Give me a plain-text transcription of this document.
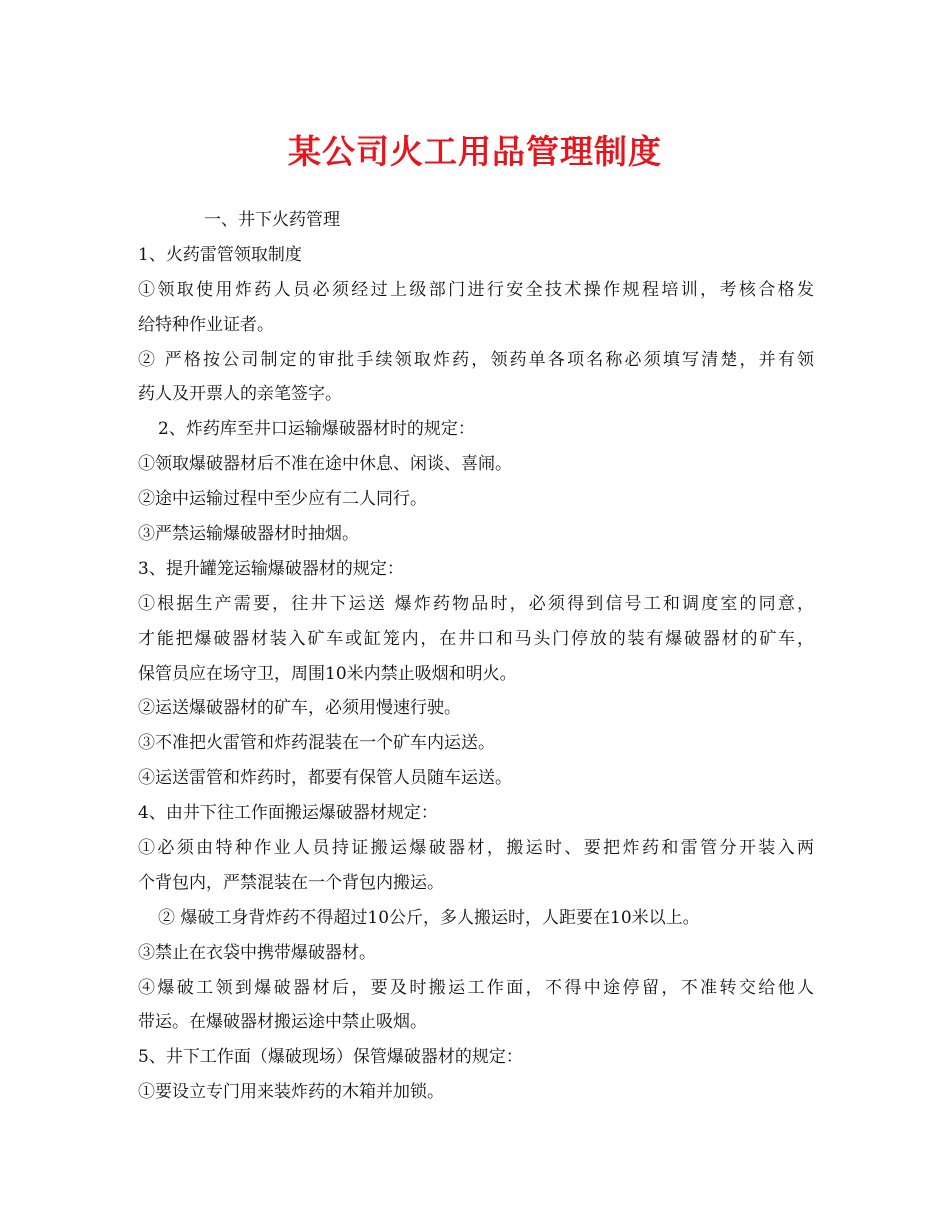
某公司火工用品管理制度
一、井下火药管理
1、火药雷管领取制度
①领取使用炸药人员必须经过上级部门进行安全技术操作规程培训，考核合格发
给特种作业证者。
② 严格按公司制定的审批手续领取炸药，领药单各项名称必须填写清楚，并有领
药人及开票人的亲笔签字。
2、炸药库至井口运输爆破器材时的规定：
①领取爆破器材后不准在途中休息、闲谈、喜闹。
②途中运输过程中至少应有二人同行。
③严禁运输爆破器材时抽烟。
3、提升罐笼运输爆破器材的规定：
①根据生产需要，往井下运送 爆炸药物品时，必须得到信号工和调度室的同意，
才能把爆破器材装入矿车或缸笼内，在井口和马头门停放的装有爆破器材的矿车，
保管员应在场守卫，周围10米内禁止吸烟和明火。
②运送爆破器材的矿车，必须用慢速行驶。
③不准把火雷管和炸药混装在一个矿车内运送。
④运送雷管和炸药时，都要有保管人员随车运送。
4、由井下往工作面搬运爆破器材规定：
①必须由特种作业人员持证搬运爆破器材，搬运时、要把炸药和雷管分开装入两
个背包内，严禁混装在一个背包内搬运。
② 爆破工身背炸药不得超过10公斤，多人搬运时，人距要在10米以上。
③禁止在衣袋中携带爆破器材。
④爆破工领到爆破器材后，要及时搬运工作面，不得中途停留，不准转交给他人
带运。在爆破器材搬运途中禁止吸烟。
5、井下工作面（爆破现场）保管爆破器材的规定：
①要设立专门用来装炸药的木箱并加锁。
